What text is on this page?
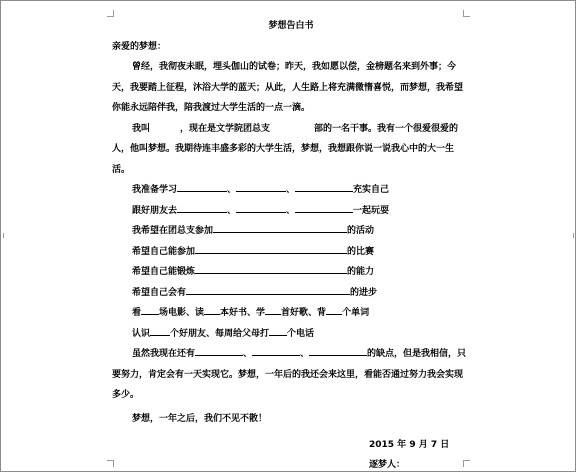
梦想告白书
亲爱的梦想：
曾经，我彻夜未眠，埋头伽山的试卷；昨天，我如愿以偿，金榜题名来到外事；今天，我要踏上征程，沐浴大学的蓝天；从此，人生路上将充满微惰喜悦，而梦想，我希望你能永远陪伴我，陪我渡过大学生活的一点一滴。
我叫	，现在是文学院团总支	部的一名干事。我有一个很爱很爱的人，他叫梦想。我期待连丰盛多彩的大学生活，梦想，我想跟你说一说我心中的大一生活。
我准备学习	、	、	充实自己
跟好朋友去	、	、	一起玩耍
我希望在团总支参加	的活动
希望自己能参加	的比赛
希望自己能锻炼	的能力
希望自己会有	的进步
看 场电影、读 本好书、学 首好歌、背 个单词
认识 个好朋友、每周给父母打 个电话
虽然我现在还有	、	、	的缺点，但是我相信，只要努力，肯定会有一天实现它。梦想，一年后的我还会来这里，看能否通过努力我会实现多少。
梦想，一年之后，我们不见不散！
2015 年 9 月 7 日
逐梦人：
